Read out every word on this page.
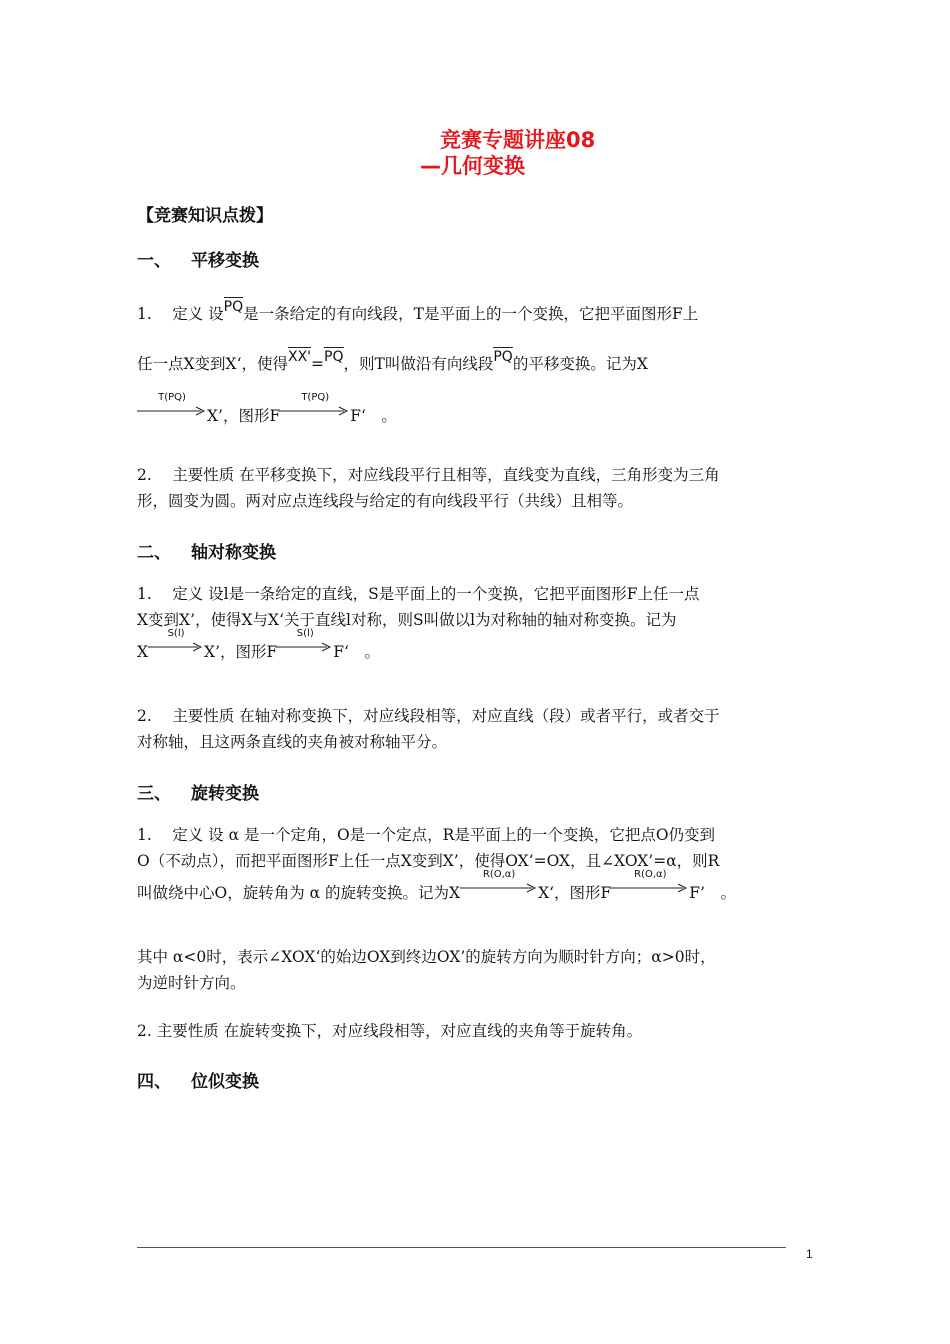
竞赛专题讲座08
—几何变换
【竞赛知识点拨】
一、 平移变换
1.　 定义 设PQ是一条给定的有向线段，T是平面上的一个变换，它把平面图形F上
任一点X变到X‘，使得XX'=PQ，则T叫做沿有向线段PQ的平移变换。记为X
T(PQ)
X’，图形F
T(PQ)
F‘　。
2.　 主要性质 在平移变换下，对应线段平行且相等，直线变为直线，三角形变为三角
形，圆变为圆。两对应点连线段与给定的有向线段平行（共线）且相等。
二、 轴对称变换
1.　 定义 设l是一条给定的直线，S是平面上的一个变换，它把平面图形F上任一点
X变到X’，使得X与X‘关于直线l对称，则S叫做以l为对称轴的轴对称变换。记为
X
S(l)
X’，图形F
S(l)
F‘　。
2.　 主要性质 在轴对称变换下，对应线段相等，对应直线（段）或者平行，或者交于
对称轴，且这两条直线的夹角被对称轴平分。
三、 旋转变换
1.　 定义 设 α 是一个定角，O是一个定点，R是平面上的一个变换，它把点O仍变到
O（不动点），而把平面图形F上任一点X变到X’，使得OX‘=OX，且∠XOX’=α，则R
叫做绕中心O，旋转角为 α 的旋转变换。记为X
R(O,α)
X‘，图形F
R(O,α)
F’　。
其中 α<0时，表示∠XOX‘的始边OX到终边OX’的旋转方向为顺时针方向；α>0时，
为逆时针方向。
2. 主要性质 在旋转变换下，对应线段相等，对应直线的夹角等于旋转角。
四、 位似变换
1
